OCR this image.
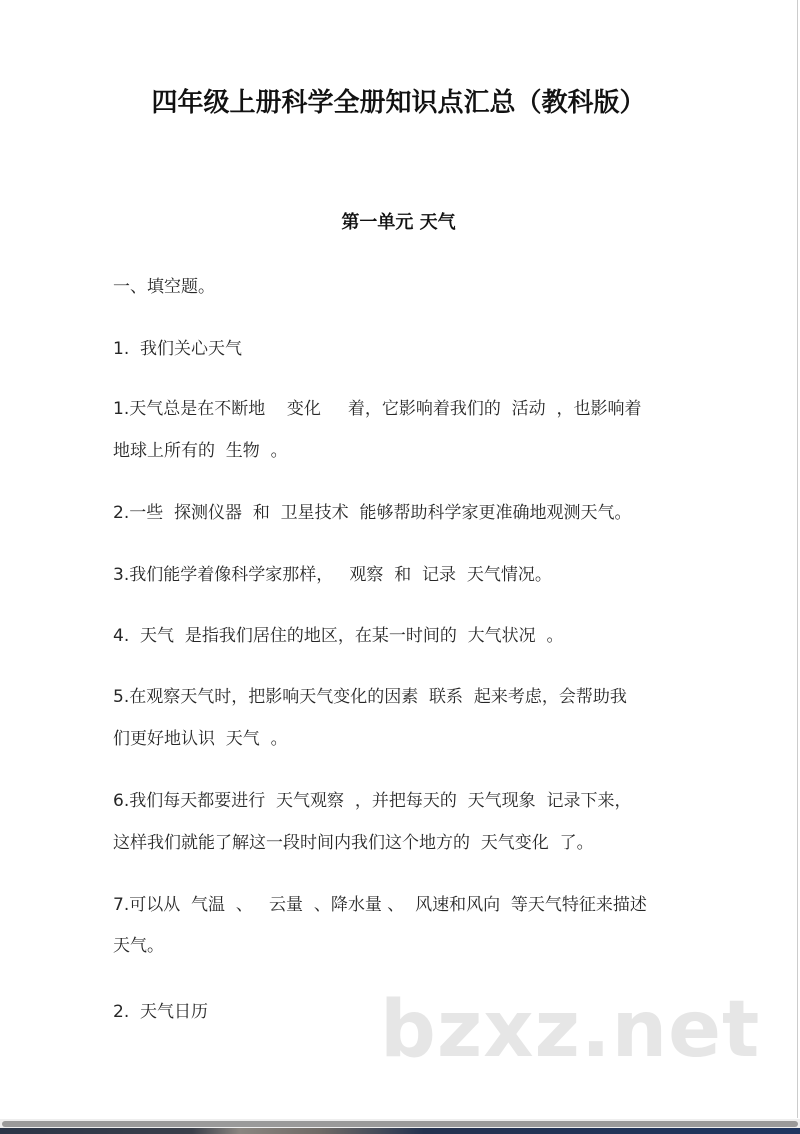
四年级上册科学全册知识点汇总（教科版）
第一单元 天气
一、填空题。
1.  我们关心天气
1.天气总是在不断地    变化     着，它影响着我们的  活动  ，也影响着
地球上所有的  生物  。
2.一些  探测仪器  和  卫星技术  能够帮助科学家更准确地观测天气。
3.我们能学着像科学家那样，   观察  和  记录  天气情况。
4.  天气  是指我们居住的地区，在某一时间的  大气状况  。
5.在观察天气时，把影响天气变化的因素  联系  起来考虑，会帮助我
们更好地认识  天气  。
6.我们每天都要进行  天气观察  ，并把每天的  天气现象  记录下来，
这样我们就能了解这一段时间内我们这个地方的  天气变化  了。
7.可以从  气温  、   云量  、降水量 、  风速和风向  等天气特征来描述
天气。
2.  天气日历 bzxz.net
